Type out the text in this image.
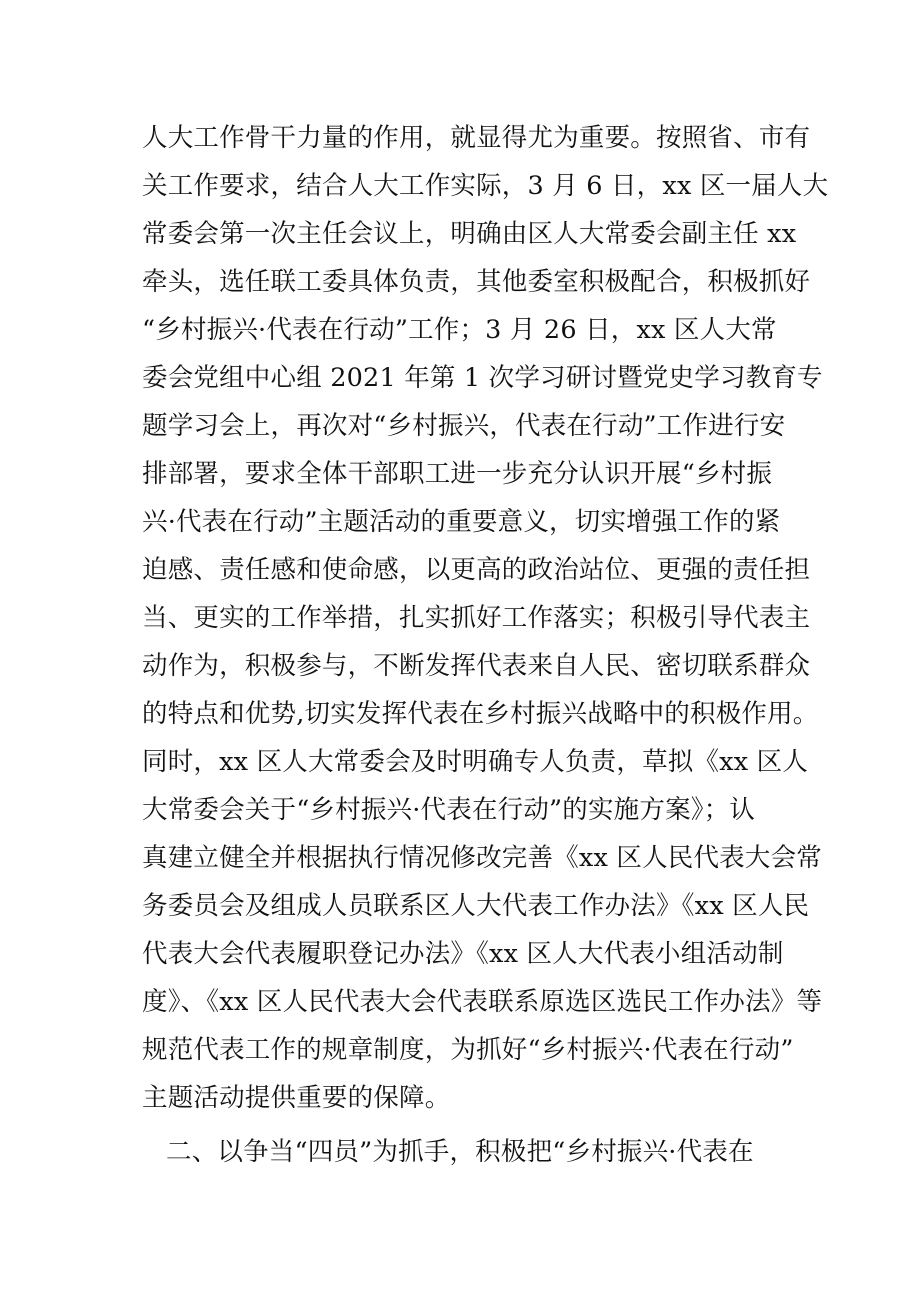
人大工作骨干力量的作用，就显得尤为重要。按照省、市有
关工作要求，结合人大工作实际，3 月 6 日，xx 区一届人大
常委会第一次主任会议上，明确由区人大常委会副主任 xx
牵头，选任联工委具体负责，其他委室积极配合，积极抓好
“乡村振兴·代表在行动”工作；3 月 26 日，xx 区人大常
委会党组中心组 2021 年第 1 次学习研讨暨党史学习教育专
题学习会上，再次对“乡村振兴，代表在行动”工作进行安
排部署，要求全体干部职工进一步充分认识开展“乡村振
兴·代表在行动”主题活动的重要意义，切实增强工作的紧
迫感、责任感和使命感，以更高的政治站位、更强的责任担
当、更实的工作举措，扎实抓好工作落实；积极引导代表主
动作为，积极参与，不断发挥代表来自人民、密切联系群众
的特点和优势,切实发挥代表在乡村振兴战略中的积极作用。
同时，xx 区人大常委会及时明确专人负责，草拟《xx 区人
大常委会关于“乡村振兴·代表在行动”的实施方案》；认
真建立健全并根据执行情况修改完善《xx 区人民代表大会常
务委员会及组成人员联系区人大代表工作办法》《xx 区人民
代表大会代表履职登记办法》《xx 区人大代表小组活动制
度》、《xx 区人民代表大会代表联系原选区选民工作办法》等
规范代表工作的规章制度，为抓好“乡村振兴·代表在行动”
主题活动提供重要的保障。
二、以争当“四员”为抓手，积极把“乡村振兴·代表在
